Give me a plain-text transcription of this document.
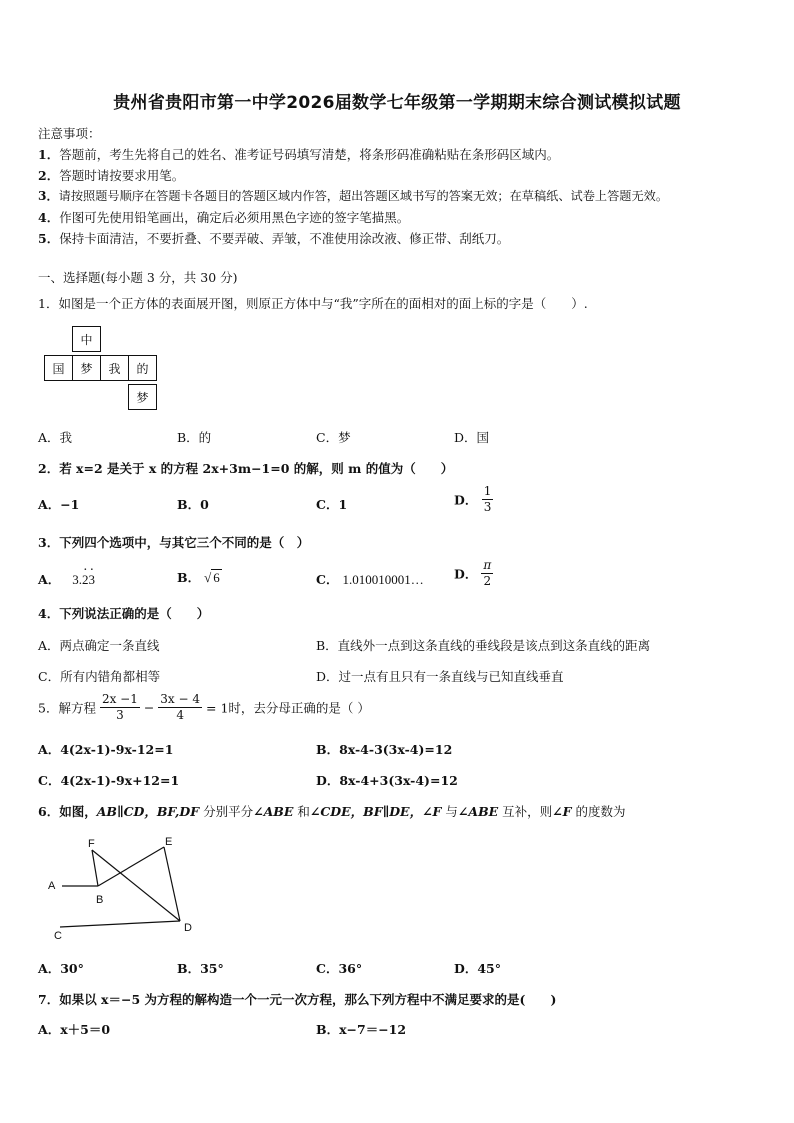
贵州省贵阳市第一中学2026届数学七年级第一学期期末综合测试模拟试题
注意事项：
1．答题前，考生先将自己的姓名、准考证号码填写清楚，将条形码准确粘贴在条形码区域内。
2．答题时请按要求用笔。
3．请按照题号顺序在答题卡各题目的答题区域内作答，超出答题区域书写的答案无效；在草稿纸、试卷上答题无效。
4．作图可先使用铅笔画出，确定后必须用黑色字迹的签字笔描黑。
5．保持卡面清洁，不要折叠、不要弄破、弄皱，不准使用涂改液、修正带、刮纸刀。
一、选择题(每小题 3 分，共 30 分)
1．如图是一个正方体的表面展开图，则原正方体中与“我”字所在的面相对的面上标的字是（　　）.
中
国	梦	我	的
梦
A．我	B．的	C．梦	D．国
2．若 x=2 是关于 x 的方程 2x+3m−1=0 的解，则 m 的值为（　　）
A．−1	B．0	C．1	D． $\frac{1}{3}$
3．下列四个选项中，与其它三个不同的是（　）
A． 3.2 ·3 ·	B． √ 6	C． 1.010010001… D． $\frac{\pi}{2}$
4．下列说法正确的是（　　）
A．两点确定一条直线	B．直线外一点到这条直线的垂线段是该点到这条直线的距离
C．所有内错角都相等	D．过一点有且只有一条直线与已知直线垂直
5．解方程 $\frac{2x -1}{3} - \frac{3x - 4}{4} = 1$时，去分母正确的是（ ）
A．4(2x-1)-9x-12=1	B．8x-4-3(3x-4)=12
C．4(2x-1)-9x+12=1	D．8x-4+3(3x-4)=12
6．如图，AB∥CD，BF,DF 分别平分∠ABE 和∠CDE，BF∥DE，∠F 与∠ABE 互补，则∠F 的度数为
A
B
C
D
E
F
A．30°	B．35°	C．36°	D．45°
7．如果以 x＝−5 为方程的解构造一个一元一次方程，那么下列方程中不满足要求的是(　　)
A．x＋5＝0	B．x−7＝−12
